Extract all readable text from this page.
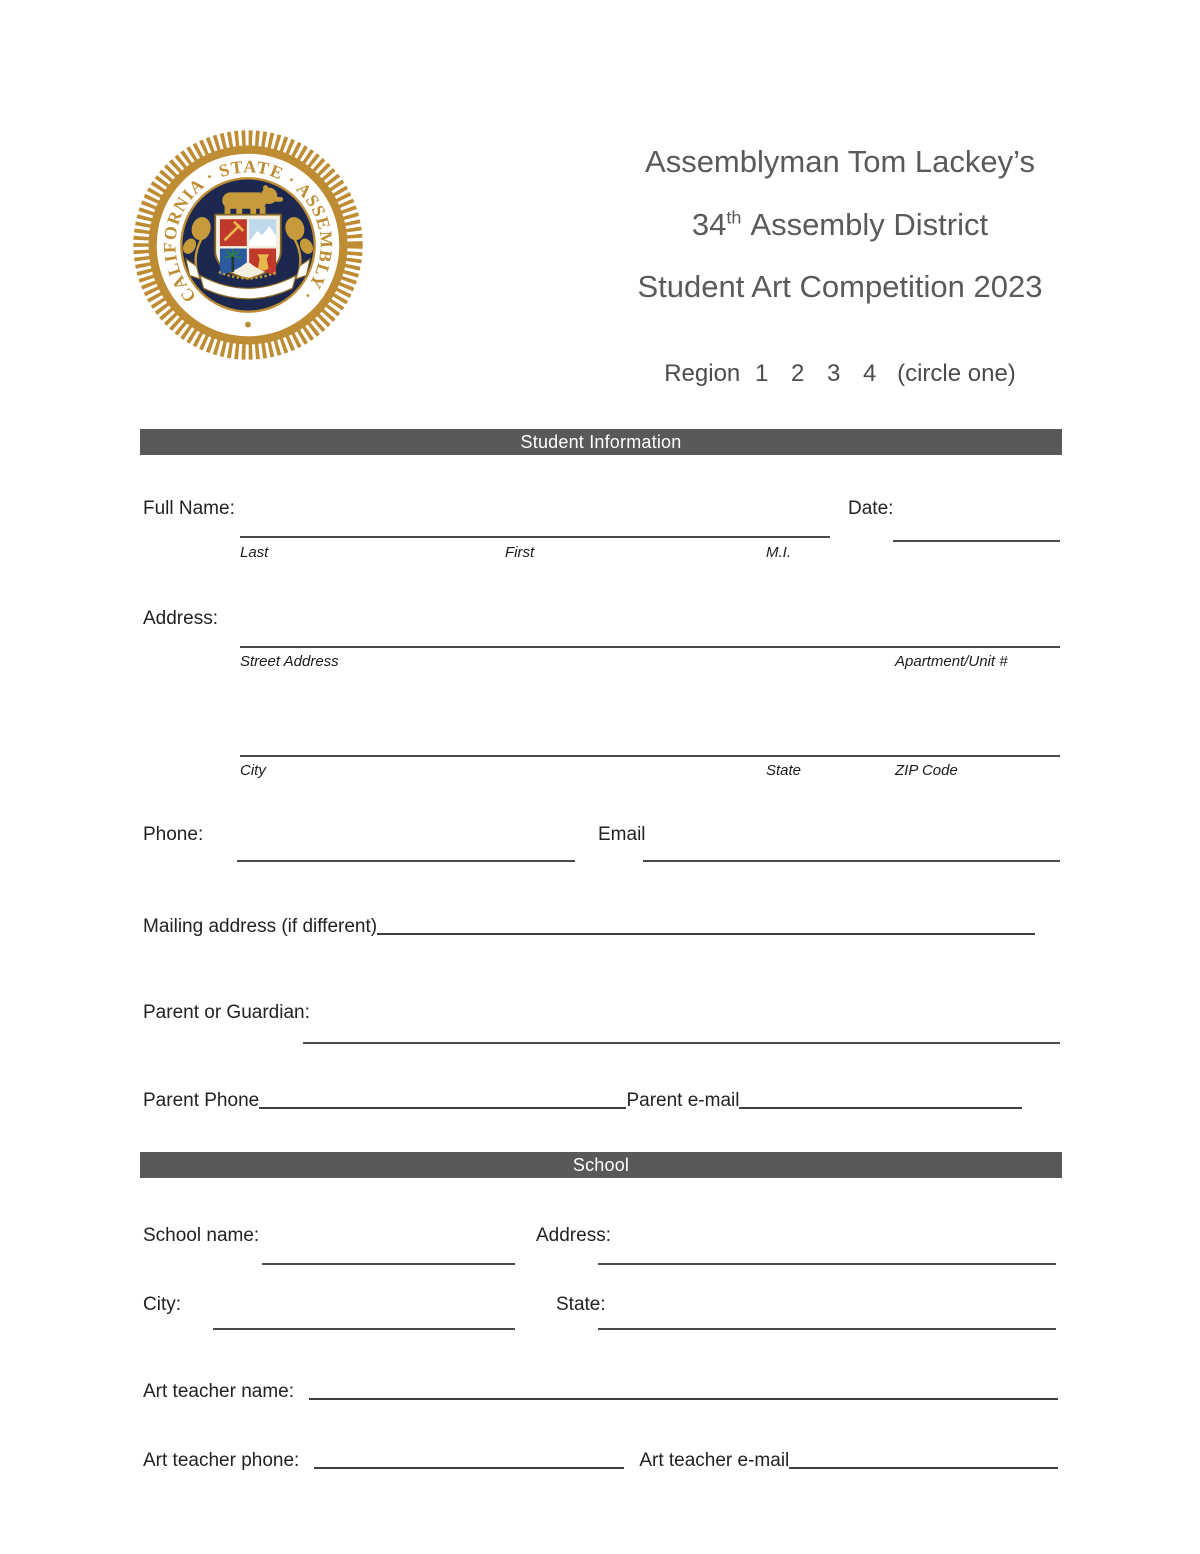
CALIFORNIA · STATE · ASSEMBLY ·
Assemblyman Tom Lackey’s
34th Assembly District
Student Art Competition 2023
Region 1 2 3 4 (circle one)
Student Information
Full Name:	Date:
Last	First	M.I.
Address:
Street Address	Apartment/Unit #
City	State	ZIP Code
Phone:	Email
Mailing address (if different)
Parent or Guardian:
Parent Phone	Parent e-mail
School
School name:	Address:
City:	State:
Art teacher name:
Art teacher phone:	Art teacher e-mail
